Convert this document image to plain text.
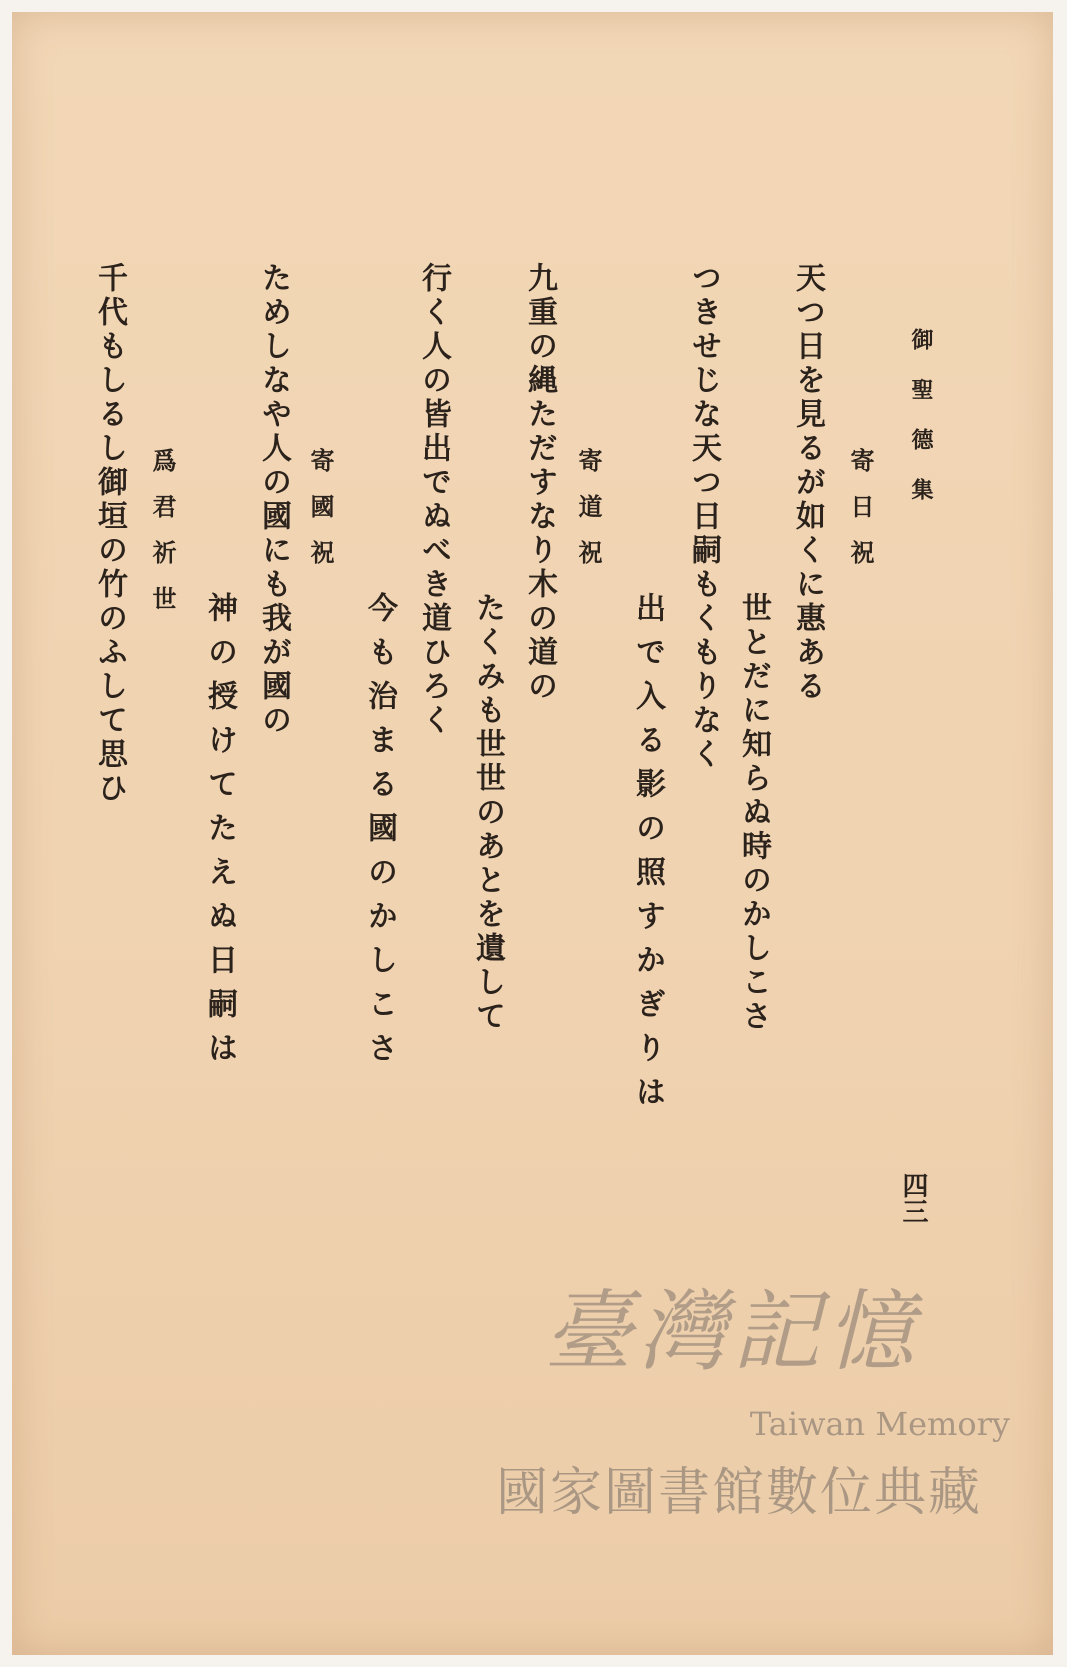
御聖德集
寄日祝
天つ日を見るが如くに惠ある
世とだに知らぬ時のかしこさ
つきせじな天つ日嗣もくもりなく
出で入る影の照すかぎりは
寄道祝
九重の縄ただすなり木の道の
たくみも世世のあとを遺して
行く人の皆出でぬべき道ひろく
今も治まる國のかしこさ
寄國祝
ためしなや人の國にも我が國の
神の授けてたえぬ日嗣は
爲君祈世
千代もしるし御垣の竹のふして思ひ
四三
臺灣記憶
Taiwan Memory
國家圖書館數位典藏
